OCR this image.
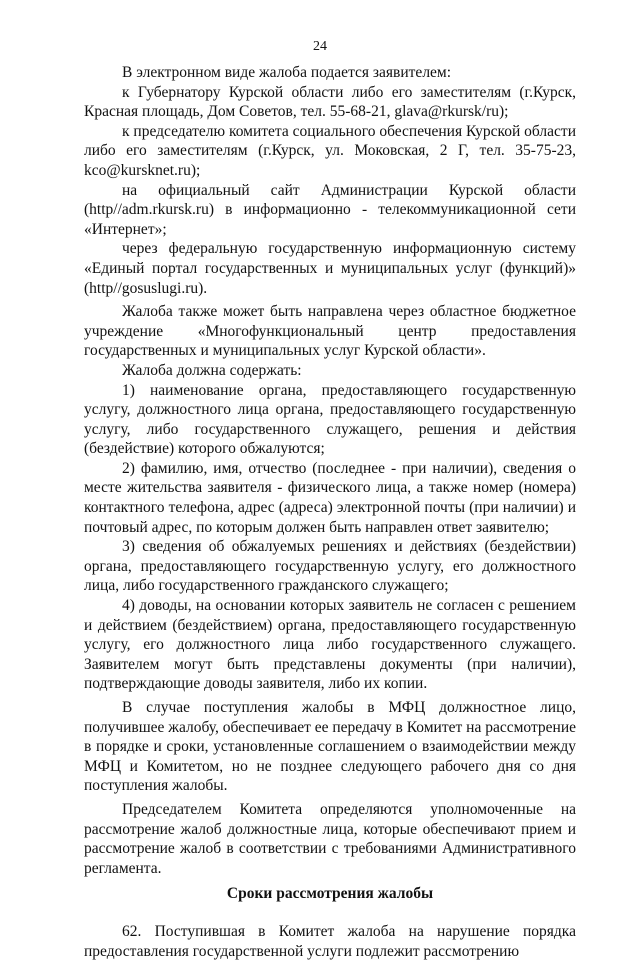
24

В электронном виде жалоба подается заявителем:

к Губернатору Курской области либо его заместителям (г.Курск, Красная площадь, Дом Советов, тел. 55-68-21, glava@rkursk/ru);

к председателю комитета социального обеспечения Курской области либо его заместителям (г.Курск, ул. Моковская, 2 Г, тел. 35-75-23, kco@kursknet.ru);

на официальный сайт Администрации Курской области (http//adm.rkursk.ru) в информационно - телекоммуникационной сети «Интернет»;

через федеральную государственную информационную систему «Единый портал государственных и муниципальных услуг (функций)» (http//gosuslugi.ru).

Жалоба также может быть направлена через областное бюджетное учреждение «Многофункциональный центр предоставления государственных и муниципальных услуг Курской области».

Жалоба должна содержать:

1) наименование органа, предоставляющего государственную услугу, должностного лица органа, предоставляющего государственную услугу, либо государственного служащего, решения и действия (бездействие) которого обжалуются;

2) фамилию, имя, отчество (последнее - при наличии), сведения о месте жительства заявителя - физического лица, а также номер (номера) контактного телефона, адрес (адреса) электронной почты (при наличии) и почтовый адрес, по которым должен быть направлен ответ заявителю;

3) сведения об обжалуемых решениях и действиях (бездействии) органа, предоставляющего государственную услугу, его должностного лица, либо государственного гражданского служащего;

4) доводы, на основании которых заявитель не согласен с решением и действием (бездействием) органа, предоставляющего государственную услугу, его должностного лица либо государственного служащего. Заявителем могут быть представлены документы (при наличии), подтверждающие доводы заявителя, либо их копии.

В случае поступления жалобы в МФЦ должностное лицо, получившее жалобу, обеспечивает ее передачу в Комитет на рассмотрение в порядке и сроки, установленные соглашением о взаимодействии между МФЦ и Комитетом, но не позднее следующего рабочего дня со дня поступления жалобы.

Председателем Комитета определяются уполномоченные на рассмотрение жалоб должностные лица, которые обеспечивают прием и рассмотрение жалоб в соответствии с требованиями Административного регламента.

Сроки рассмотрения жалобы

62. Поступившая в Комитет жалоба на нарушение порядка предоставления государственной услуги подлежит рассмотрению
